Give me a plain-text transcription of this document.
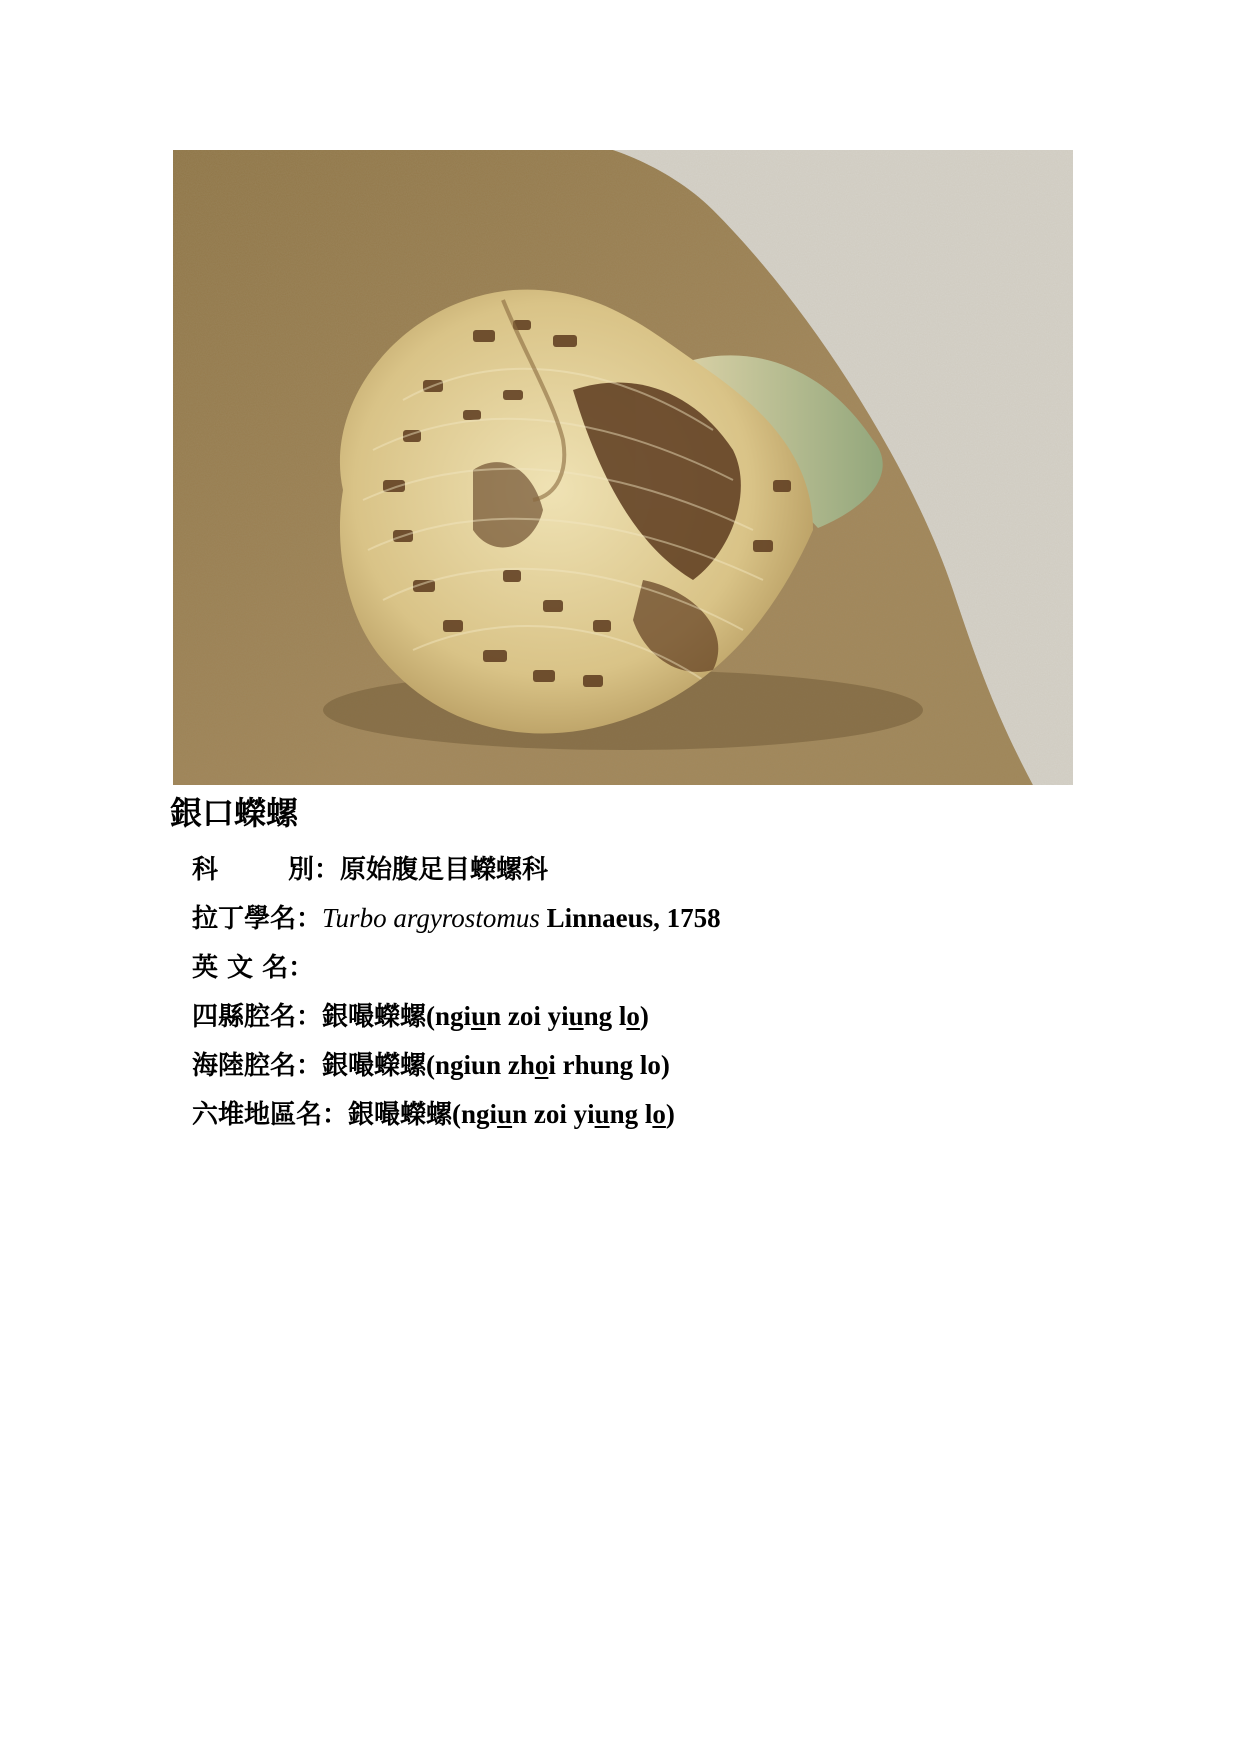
銀口蠑螺
科	別：原始腹足目蠑螺科
拉丁學名：Turbo argyrostomus Linnaeus, 1758
英 文 名：
四縣腔名：銀嘬蠑螺(ngiun zoi yiung lo)
海陸腔名：銀嘬蠑螺(ngiun zhoi rhung lo)
六堆地區名：銀嘬蠑螺(ngiun zoi yiung lo)
